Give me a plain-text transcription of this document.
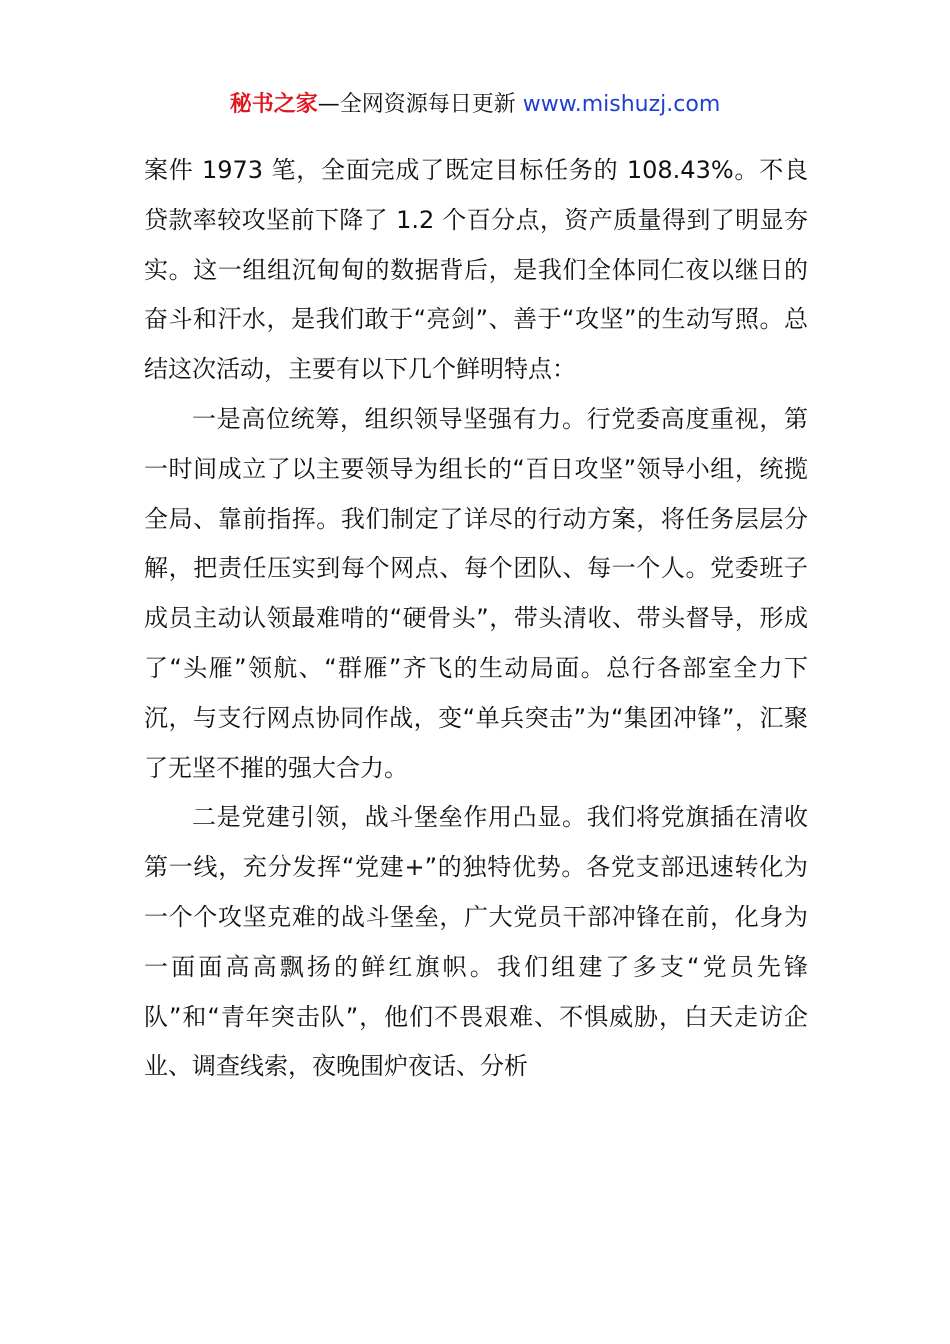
秘书之家—全网资源每日更新 www.mishuzj.com

案件 1973 笔，全面完成了既定目标任务的 108.43%。不良贷款率较攻坚前下降了 1.2 个百分点，资产质量得到了明显夯实。这一组组沉甸甸的数据背后，是我们全体同仁夜以继日的奋斗和汗水，是我们敢于“亮剑”、善于“攻坚”的生动写照。总结这次活动，主要有以下几个鲜明特点：

一是高位统筹，组织领导坚强有力。行党委高度重视，第一时间成立了以主要领导为组长的“百日攻坚”领导小组，统揽全局、靠前指挥。我们制定了详尽的行动方案，将任务层层分解，把责任压实到每个网点、每个团队、每一个人。党委班子成员主动认领最难啃的“硬骨头”，带头清收、带头督导，形成了“头雁”领航、“群雁”齐飞的生动局面。总行各部室全力下沉，与支行网点协同作战，变“单兵突击”为“集团冲锋”，汇聚了无坚不摧的强大合力。

二是党建引领，战斗堡垒作用凸显。我们将党旗插在清收第一线，充分发挥“党建+”的独特优势。各党支部迅速转化为一个个攻坚克难的战斗堡垒，广大党员干部冲锋在前，化身为一面面高高飘扬的鲜红旗帜。我们组建了多支“党员先锋队”和“青年突击队”，他们不畏艰难、不惧威胁，白天走访企业、调查线索，夜晚围炉夜话、分析
